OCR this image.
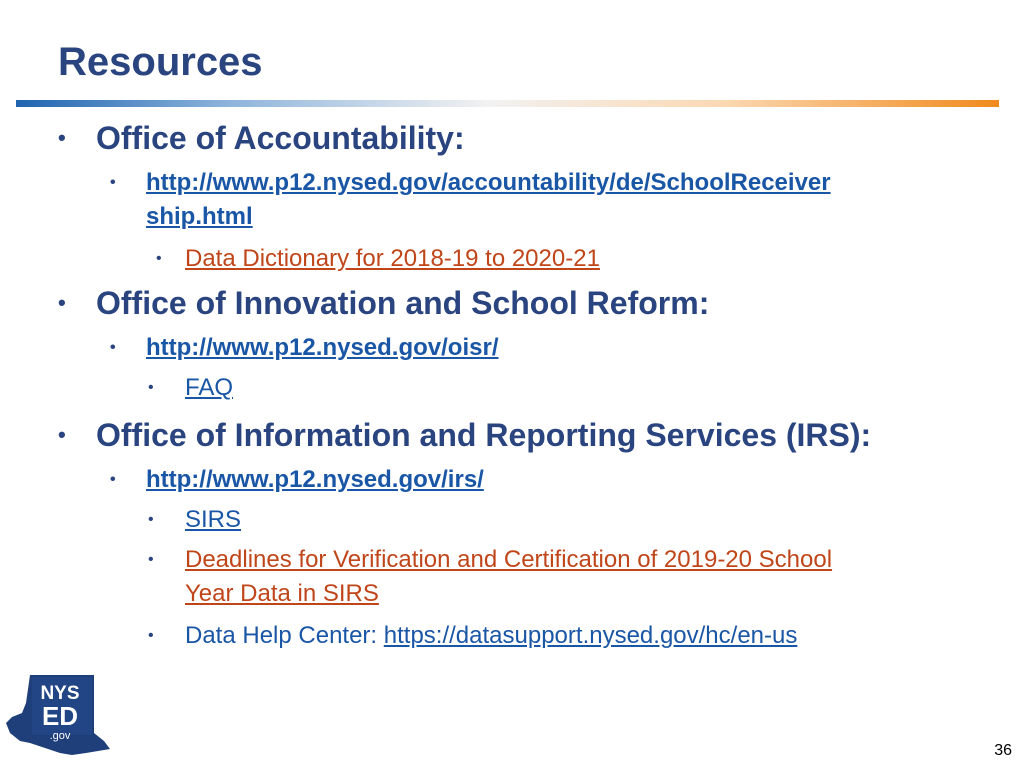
Resources
• Office of Accountability:
•	http://www.p12.nysed.gov/accountability/de/SchoolReceiver
ship.html
• Data Dictionary for 2018-19 to 2020-21
• Office of Innovation and School Reform:
•	http://www.p12.nysed.gov/oisr/
•	FAQ
• Office of Information and Reporting Services (IRS):
•	http://www.p12.nysed.gov/irs/
•	SIRS
•	Deadlines for Verification and Certification of 2019-20 School
Year Data in SIRS
•	Data Help Center: https://datasupport.nysed.gov/hc/en-us
NYS
ED
.gov
36
